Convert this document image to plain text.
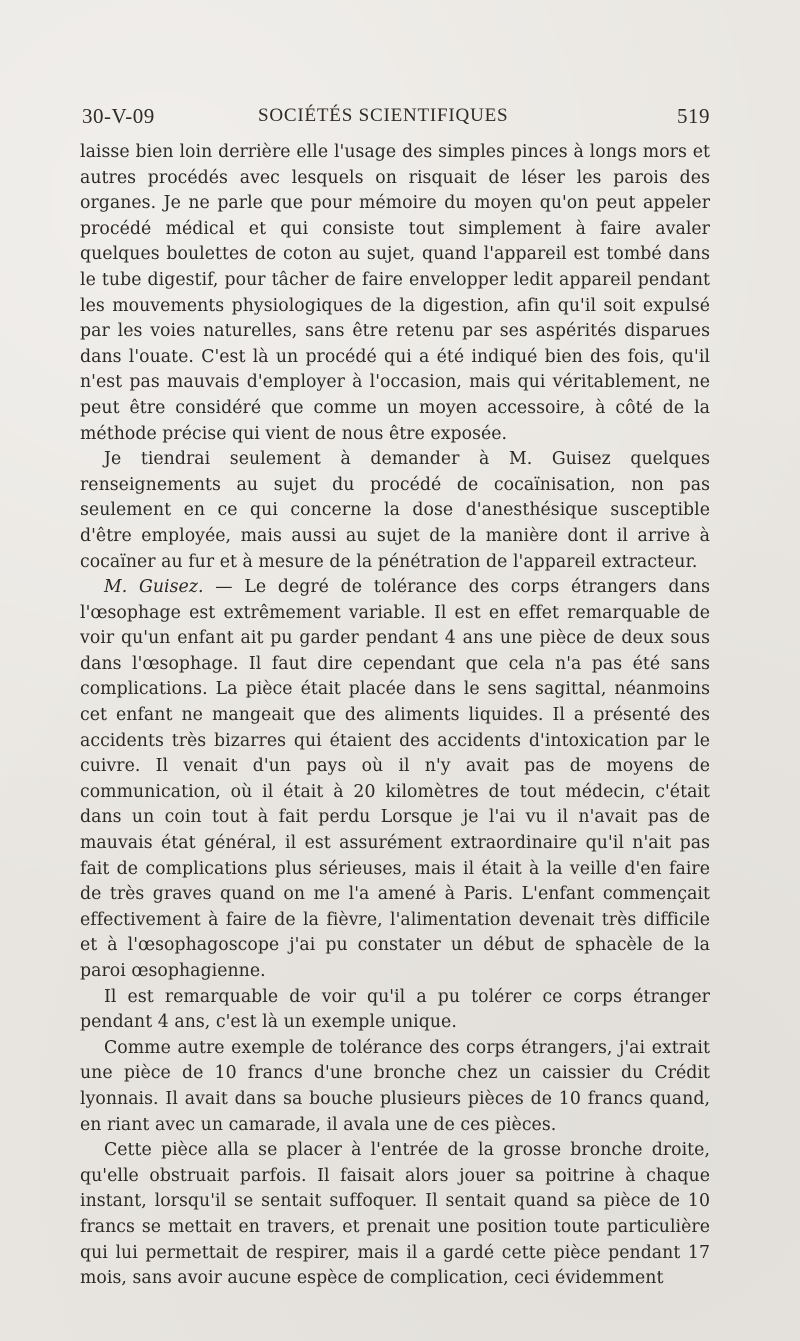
30-V-09	SOCIÉTÉS SCIENTIFIQUES	519

laisse bien loin derrière elle l'usage des simples pinces à longs mors et autres procédés avec lesquels on risquait de léser les parois des organes. Je ne parle que pour mémoire du moyen qu'on peut appeler procédé médical et qui consiste tout simplement à faire avaler quelques boulettes de coton au sujet, quand l'appareil est tombé dans le tube digestif, pour tâcher de faire envelopper ledit appareil pendant les mouvements physiologiques de la digestion, afin qu'il soit expulsé par les voies naturelles, sans être retenu par ses aspérités disparues dans l'ouate. C'est là un procédé qui a été indiqué bien des fois, qu'il n'est pas mauvais d'employer à l'occasion, mais qui véritablement, ne peut être considéré que comme un moyen accessoire, à côté de la méthode précise qui vient de nous être exposée.

Je tiendrai seulement à demander à M. Guisez quelques renseignements au sujet du procédé de cocaïnisation, non pas seulement en ce qui concerne la dose d'anesthésique susceptible d'être employée, mais aussi au sujet de la manière dont il arrive à cocaïner au fur et à mesure de la pénétration de l'appareil extracteur.

M. Guisez. — Le degré de tolérance des corps étrangers dans l'œsophage est extrêmement variable. Il est en effet remarquable de voir qu'un enfant ait pu garder pendant 4 ans une pièce de deux sous dans l'œsophage. Il faut dire cependant que cela n'a pas été sans complications. La pièce était placée dans le sens sagittal, néanmoins cet enfant ne mangeait que des aliments liquides. Il a présenté des accidents très bizarres qui étaient des accidents d'intoxication par le cuivre. Il venait d'un pays où il n'y avait pas de moyens de communication, où il était à 20 kilomètres de tout médecin, c'était dans un coin tout à fait perdu Lorsque je l'ai vu il n'avait pas de mauvais état général, il est assurément extraordinaire qu'il n'ait pas fait de complications plus sérieuses, mais il était à la veille d'en faire de très graves quand on me l'a amené à Paris. L'enfant commençait effectivement à faire de la fièvre, l'alimentation devenait très difficile et à l'œsophagoscope j'ai pu constater un début de sphacèle de la paroi œsophagienne.

Il est remarquable de voir qu'il a pu tolérer ce corps étranger pendant 4 ans, c'est là un exemple unique.

Comme autre exemple de tolérance des corps étrangers, j'ai extrait une pièce de 10 francs d'une bronche chez un caissier du Crédit lyonnais. Il avait dans sa bouche plusieurs pièces de 10 francs quand, en riant avec un camarade, il avala une de ces pièces.

Cette pièce alla se placer à l'entrée de la grosse bronche droite, qu'elle obstruait parfois. Il faisait alors jouer sa poitrine à chaque instant, lorsqu'il se sentait suffoquer. Il sentait quand sa pièce de 10 francs se mettait en travers, et prenait une position toute particulière qui lui permettait de respirer, mais il a gardé cette pièce pendant 17 mois, sans avoir aucune espèce de complication, ceci évidemment
